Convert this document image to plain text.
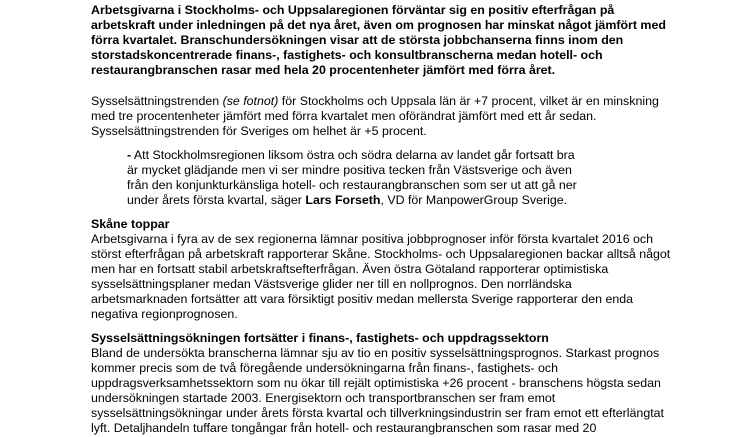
Arbetsgivarna i Stockholms- och Uppsalaregionen förväntar sig en positiv efterfrågan på
arbetskraft under inledningen på det nya året, även om prognosen har minskat något jämfört med
förra kvartalet. Branschundersökningen visar att de största jobbchanserna finns inom den
storstadskoncentrerade finans-, fastighets- och konsultbranscherna medan hotell- och
restaurangbranschen rasar med hela 20 procentenheter jämfört med förra året.

Sysselsättningstrenden (se fotnot) för Stockholms och Uppsala län är +7 procent, vilket är en minskning
med tre procentenheter jämfört med förra kvartalet men oförändrat jämfört med ett år sedan.
Sysselsättningstrenden för Sveriges om helhet är +5 procent.

- Att Stockholmsregionen liksom östra och södra delarna av landet går fortsatt bra
är mycket glädjande men vi ser mindre positiva tecken från Västsverige och även
från den konjunkturkänsliga hotell- och restaurangbranschen som ser ut att gå ner
under årets första kvartal, säger Lars Forseth, VD för ManpowerGroup Sverige.

Skåne toppar

Arbetsgivarna i fyra av de sex regionerna lämnar positiva jobbprognoser inför första kvartalet 2016 och
störst efterfrågan på arbetskraft rapporterar Skåne. Stockholms- och Uppsalaregionen backar alltså något
men har en fortsatt stabil arbetskraftsefterfrågan. Även östra Götaland rapporterar optimistiska
sysselsättningsplaner medan Västsverige glider ner till en nollprognos. Den norrländska
arbetsmarknaden fortsätter att vara försiktigt positiv medan mellersta Sverige rapporterar den enda
negativa regionprognosen.

Sysselsättningsökningen fortsätter i finans-, fastighets- och uppdragssektorn

Bland de undersökta branscherna lämnar sju av tio en positiv sysselsättningsprognos. Starkast prognos
kommer precis som de två föregående undersökningarna från finans-, fastighets- och
uppdragsverksamhetssektorn som nu ökar till rejält optimistiska +26 procent - branschens högsta sedan
undersökningen startade 2003. Energisektorn och transportbranschen ser fram emot
sysselsättningsökningar under årets första kvartal och tillverkningsindustrin ser fram emot ett efterlängtat
lyft. Detaljhandeln tuffare tongångar från hotell- och restaurangbranschen som rasar med 20
